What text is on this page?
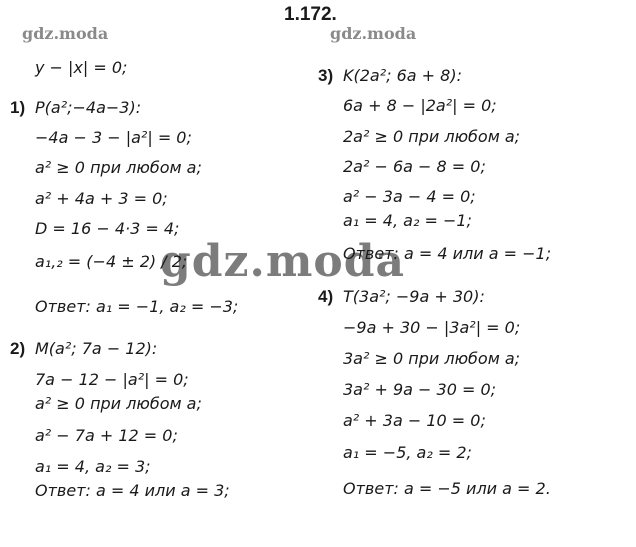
1.172.
gdz.moda	gdz.moda
gdz.moda
y − |x| = 0;
1) P(a²;−4a−3):
−4a − 3 − |a²| = 0;
a² ≥ 0 при любом a;
a² + 4a + 3 = 0;
D = 16 − 4·3 = 4;
a₁,₂ = (−4 ± 2) / 2;
Ответ: a₁ = −1, a₂ = −3;
2) M(a²; 7a − 12):
7a − 12 − |a²| = 0;
a² ≥ 0 при любом a;
a² − 7a + 12 = 0;
a₁ = 4, a₂ = 3;
Ответ: a = 4 или a = 3;
3) K(2a²; 6a + 8):
6a + 8 − |2a²| = 0;
2a² ≥ 0 при любом a;
2a² − 6a − 8 = 0;
a² − 3a − 4 = 0;
a₁ = 4, a₂ = −1;
Ответ: a = 4 или a = −1;
4) T(3a²; −9a + 30):
−9a + 30 − |3a²| = 0;
3a² ≥ 0 при любом a;
3a² + 9a − 30 = 0;
a² + 3a − 10 = 0;
a₁ = −5, a₂ = 2;
Ответ: a = −5 или a = 2.
